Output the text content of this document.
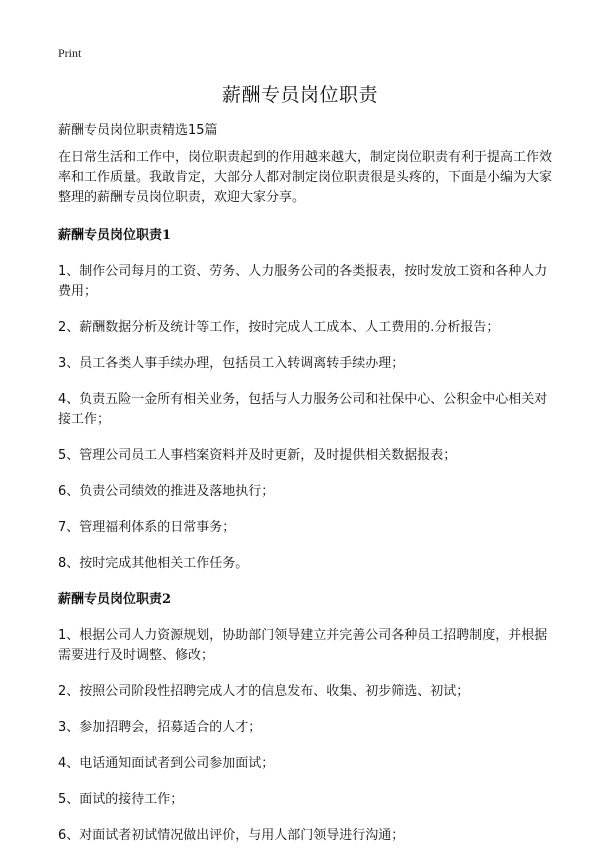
Print
薪酬专员岗位职责

薪酬专员岗位职责精选15篇

在日常生活和工作中，岗位职责起到的作用越来越大，制定岗位职责有利于提高工作效率和工作质量。我敢肯定，大部分人都对制定岗位职责很是头疼的，下面是小编为大家整理的薪酬专员岗位职责，欢迎大家分享。

薪酬专员岗位职责1

1、制作公司每月的工资、劳务、人力服务公司的各类报表，按时发放工资和各种人力费用；

2、薪酬数据分析及统计等工作，按时完成人工成本、人工费用的.分析报告；

3、员工各类人事手续办理，包括员工入转调离转手续办理；

4、负责五险一金所有相关业务，包括与人力服务公司和社保中心、公积金中心相关对接工作；

5、管理公司员工人事档案资料并及时更新，及时提供相关数据报表；

6、负责公司绩效的推进及落地执行；

7、管理福利体系的日常事务；

8、按时完成其他相关工作任务。

薪酬专员岗位职责2

1、根据公司人力资源规划，协助部门领导建立并完善公司各种员工招聘制度，并根据需要进行及时调整、修改；

2、按照公司阶段性招聘完成人才的信息发布、收集、初步筛选、初试；

3、参加招聘会，招募适合的人才；

4、电话通知面试者到公司参加面试；

5、面试的接待工作；

6、对面试者初试情况做出评价，与用人部门领导进行沟通；
